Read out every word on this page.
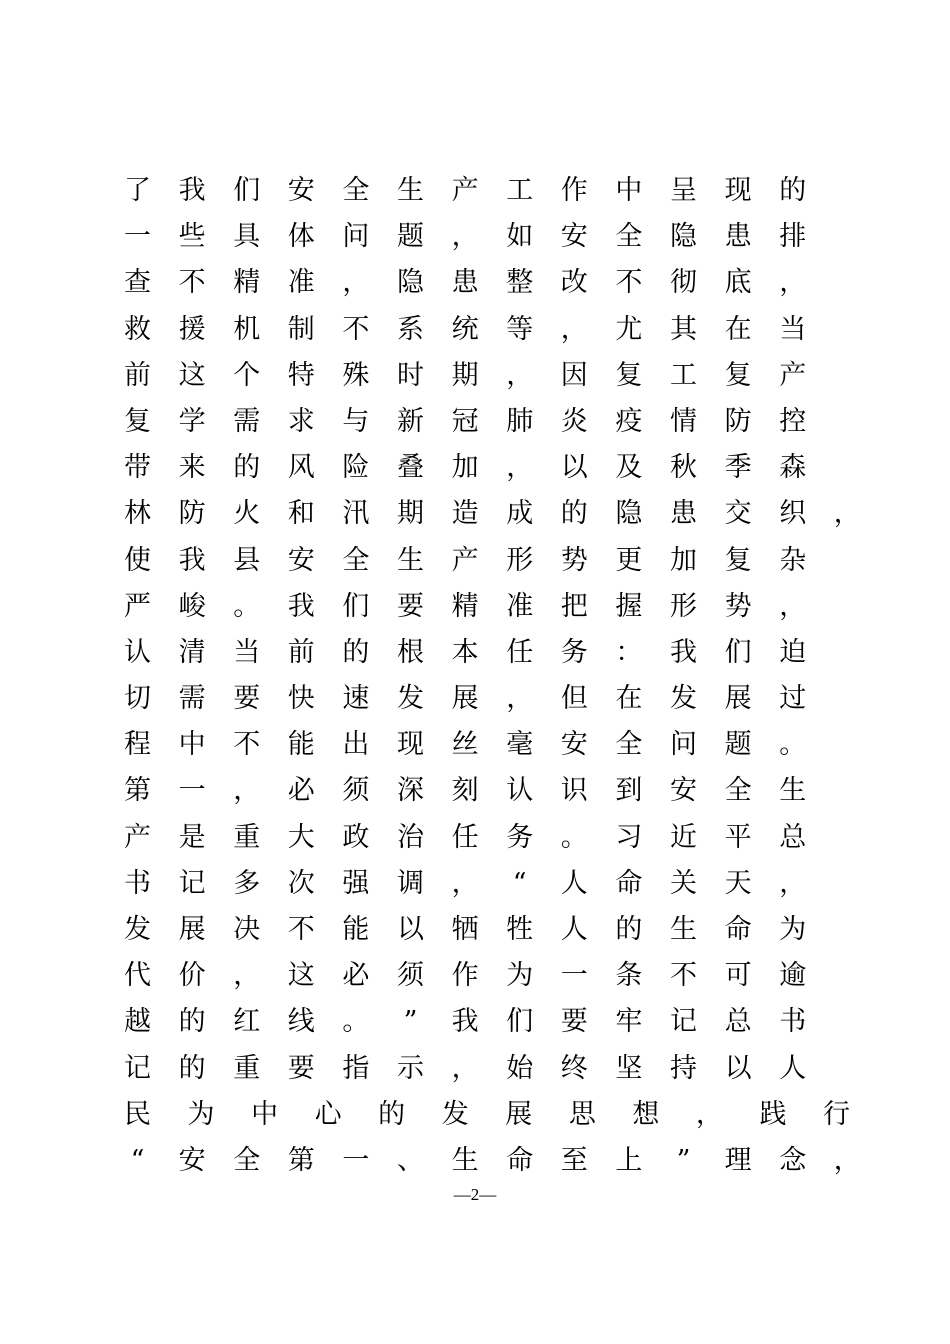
了 我 们 安 全 生 产 工 作 中 呈 现 的
一 些 具 体 问 题 ， 如 安 全 隐 患 排
查 不 精 准 ， 隐 患 整 改 不 彻 底 ，
救 援 机 制 不 系 统 等 ， 尤 其 在 当
前 这 个 特 殊 时 期 ， 因 复 工 复 产
复 学 需 求 与 新 冠 肺 炎 疫 情 防 控
带 来 的 风 险 叠 加 ， 以 及 秋 季 森
林 防 火 和 汛 期 造 成 的 隐 患 交 织 ，
使 我 县 安 全 生 产 形 势 更 加 复 杂
严 峻 。 我 们 要 精 准 把 握 形 势 ，
认 清 当 前 的 根 本 任 务 ： 我 们 迫
切 需 要 快 速 发 展 ， 但 在 发 展 过
程 中 不 能 出 现 丝 毫 安 全 问 题 。
第 一 ， 必 须 深 刻 认 识 到 安 全 生
产 是 重 大 政 治 任 务 。 习 近 平 总
书 记 多 次 强 调 ， “ 人 命 关 天 ，
发 展 决 不 能 以 牺 牲 人 的 生 命 为
代 价 ， 这 必 须 作 为 一 条 不 可 逾
越 的 红 线 。 ” 我 们 要 牢 记 总 书
记 的 重 要 指 示 ， 始 终 坚 持 以 人
民 为 中 心 的 发 展 思 想 ， 践 行
“ 安 全 第 一 、 生 命 至 上 ” 理 念 ，
—2—
